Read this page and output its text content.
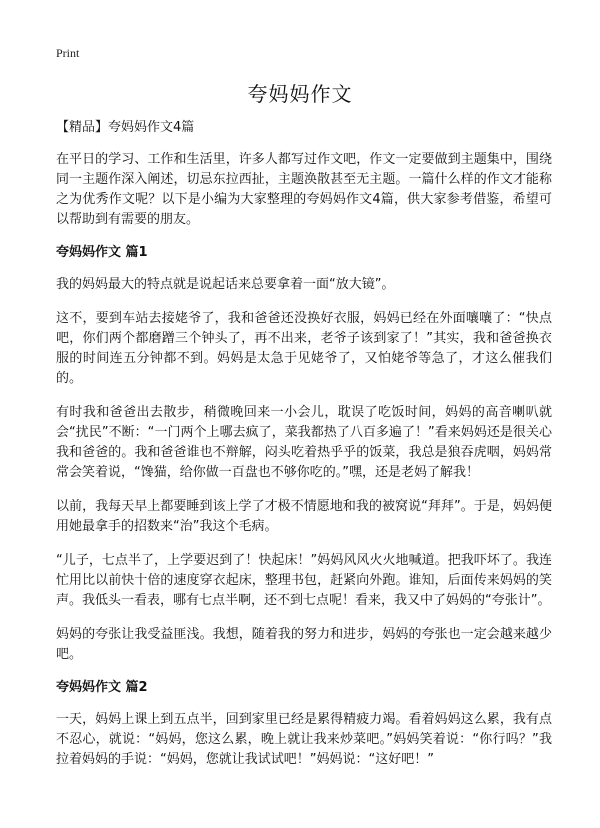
Print
夸妈妈作文
【精品】夸妈妈作文4篇

在平日的学习、工作和生活里，许多人都写过作文吧，作文一定要做到主题集中，围绕同一主题作深入阐述，切忌东拉西扯，主题涣散甚至无主题。一篇什么样的作文才能称之为优秀作文呢？以下是小编为大家整理的夸妈妈作文4篇，供大家参考借鉴，希望可以帮助到有需要的朋友。

夸妈妈作文 篇1

我的妈妈最大的特点就是说起话来总要拿着一面“放大镜”。

这不，要到车站去接姥爷了，我和爸爸还没换好衣服，妈妈已经在外面嚷嚷了：“快点吧，你们两个都磨蹭三个钟头了，再不出来，老爷子该到家了！”其实，我和爸爸换衣服的时间连五分钟都不到。妈妈是太急于见姥爷了，又怕姥爷等急了，才这么催我们的。

有时我和爸爸出去散步，稍微晚回来一小会儿，耽误了吃饭时间，妈妈的高音喇叭就会“扰民”不断：“一门两个上哪去疯了，菜我都热了八百多遍了！”看来妈妈还是很关心我和爸爸的。我和爸爸谁也不辩解，闷头吃着热乎乎的饭菜，我总是狼吞虎咽，妈妈常常会笑着说，“馋猫，给你做一百盘也不够你吃的。”嘿，还是老妈了解我！

以前，我每天早上都要睡到该上学了才极不情愿地和我的被窝说“拜拜”。于是，妈妈便用她最拿手的招数来“治”我这个毛病。

“儿子，七点半了，上学要迟到了！快起床！”妈妈风风火火地喊道。把我吓坏了。我连忙用比以前快十倍的速度穿衣起床，整理书包，赶紧向外跑。谁知，后面传来妈妈的笑声。我低头一看表，哪有七点半啊，还不到七点呢！看来，我又中了妈妈的“夸张计”。

妈妈的夸张让我受益匪浅。我想，随着我的努力和进步，妈妈的夸张也一定会越来越少吧。

夸妈妈作文 篇2

一天，妈妈上课上到五点半，回到家里已经是累得精疲力竭。看着妈妈这么累，我有点不忍心，就说：“妈妈，您这么累，晚上就让我来炒菜吧。”妈妈笑着说：“你行吗？”我拉着妈妈的手说：“妈妈，您就让我试试吧！”妈妈说：“这好吧！”
